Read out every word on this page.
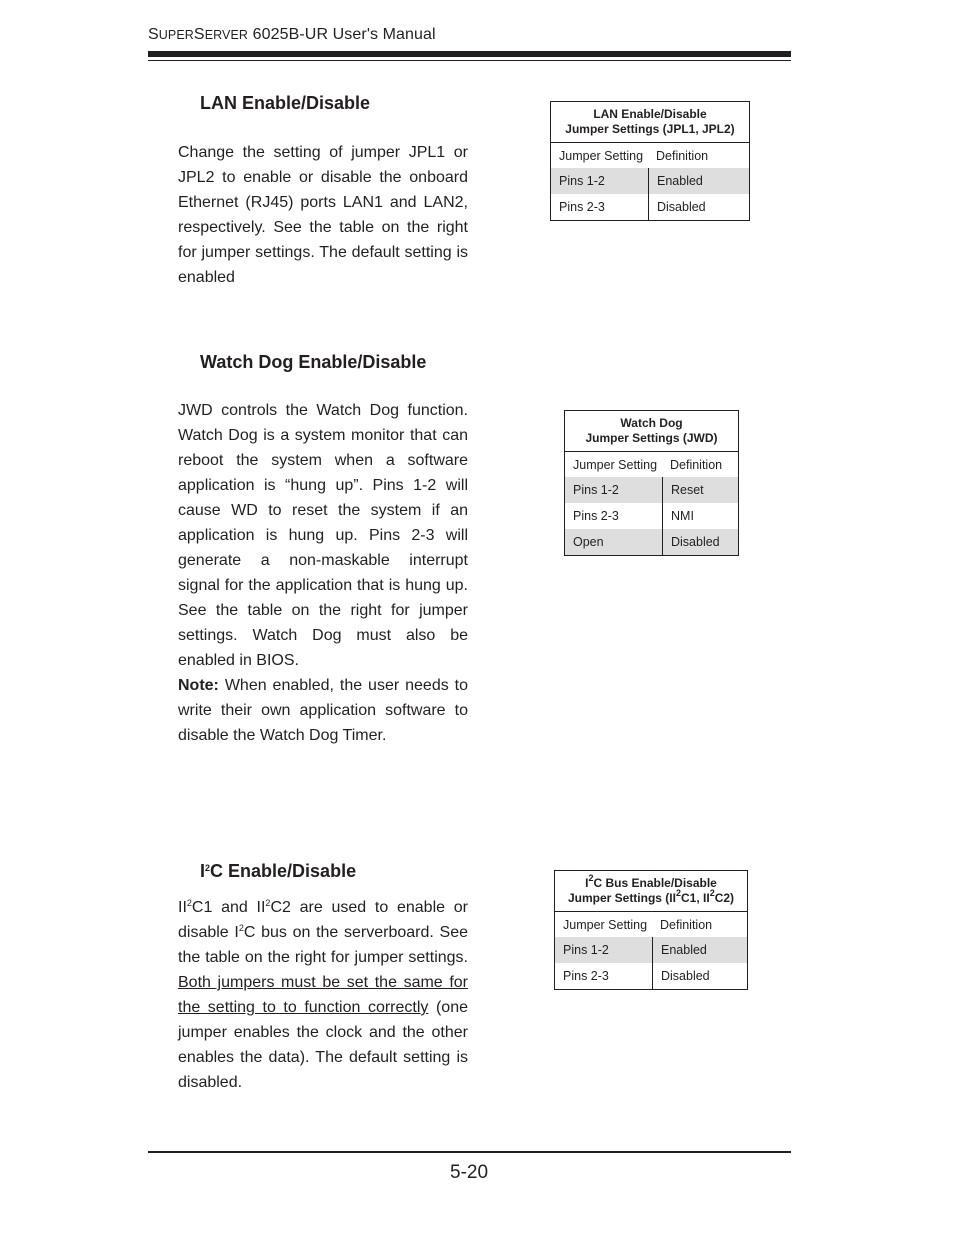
SUPERSERVER 6025B-UR User's Manual
LAN Enable/Disable

Change the setting of jumper JPL1 or JPL2 to enable or disable the onboard Ethernet (RJ45) ports LAN1 and LAN2, respectively. See the table on the right for jumper settings. The default setting is enabled

LAN Enable/Disable
Jumper Settings (JPL1, JPL2)
Jumper Setting	Definition
Pins 1-2	Enabled
Pins 2-3	Disabled
Watch Dog Enable/Disable

JWD controls the Watch Dog function. Watch Dog is a system monitor that can reboot the system when a software application is “hung up”. Pins 1-2 will cause WD to reset the system if an application is hung up. Pins 2-3 will generate a non-maskable interrupt signal for the application that is hung up. See the table on the right for jumper settings. Watch Dog must also be enabled in BIOS.

Note: When enabled, the user needs to write their own application software to disable the Watch Dog Timer.

Watch Dog
Jumper Settings (JWD)
Jumper Setting	Definition
Pins 1-2	Reset
Pins 2-3	NMI
Open	Disabled
$I^2C$ Enable/Disable

$II^2C1$ and $II^2C2$ are used to enable or disable $I^2C$ bus on the serverboard. See the table on the right for jumper settings. Both jumpers must be set the same for the setting to to function correctly (one jumper enables the clock and the other enables the data). The default setting is disabled.

$I^2C$ Bus Enable/Disable
Jumper Settings ($II^2C1$, $II^2C2$)
Jumper Setting	Definition
Pins 1-2	Enabled
Pins 2-3	Disabled
5-20
